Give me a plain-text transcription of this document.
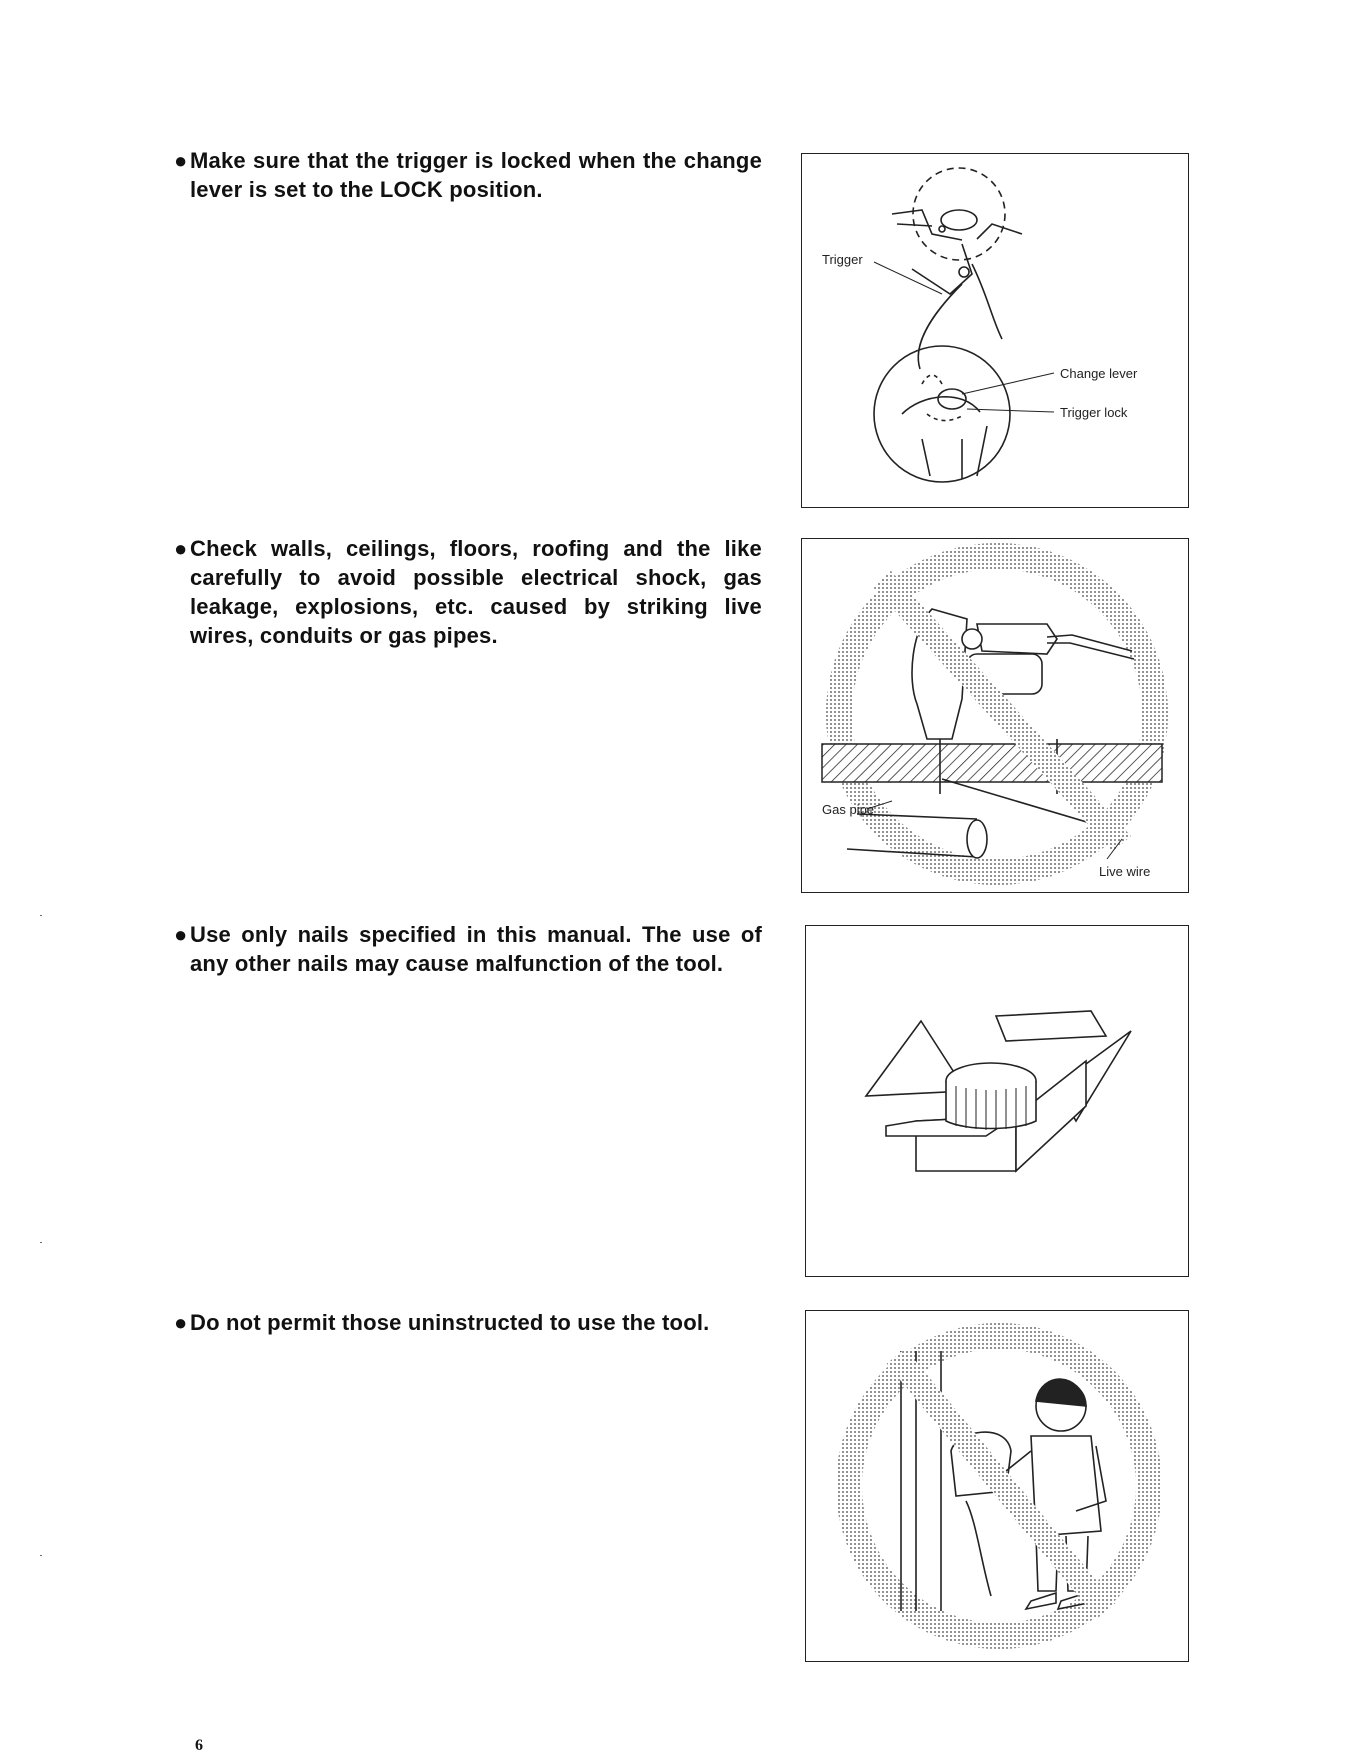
● Make sure that the trigger is locked when the change lever is set to the LOCK position.

● Check walls, ceilings, floors, roofing and the like carefully to avoid possible electrical shock, gas leakage, explosions, etc. caused by striking live wires, conduits or gas pipes.

● Use only nails specified in this manual. The use of any other nails may cause malfunction of the tool.

● Do not permit those uninstructed to use the tool.

Trigger
Change lever
Trigger lock
Gas pipe
Live wire
6
